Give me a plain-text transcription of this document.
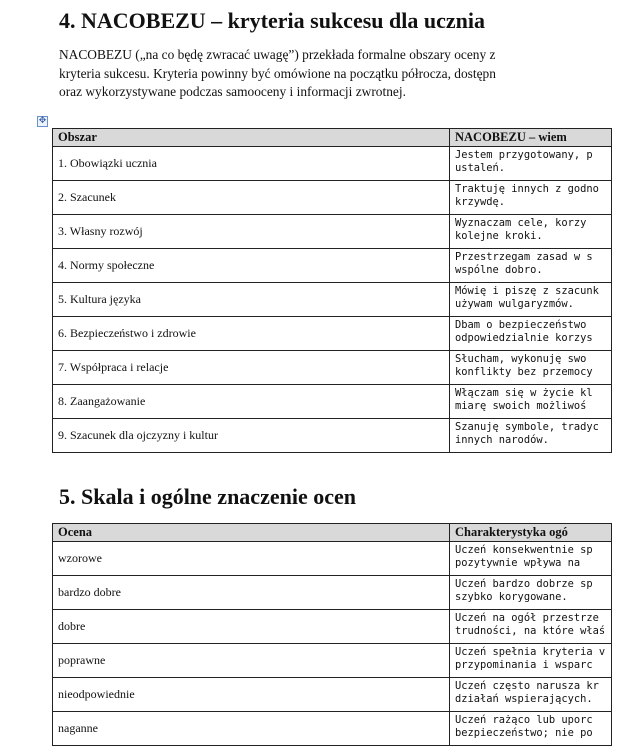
4. NACOBEZU – kryteria sukcesu dla ucznia

NACOBEZU („na co będę zwracać uwagę”) przekłada formalne obszary oceny z
kryteria sukcesu. Kryteria powinny być omówione na początku półrocza, dostępn
oraz wykorzystywane podczas samooceny i informacji zwrotnej.

✥
Obszar	NACOBEZU – wiem
1. Obowiązki ucznia	Jestem przygotowany, p
ustaleń.

2. Szacunek	Traktuję innych z godno
krzywdę.

3. Własny rozwój	Wyznaczam cele, korzy
kolejne kroki.

4. Normy społeczne	Przestrzegam zasad w s
wspólne dobro.

5. Kultura języka	Mówię i piszę z szacunk
używam wulgaryzmów.

6. Bezpieczeństwo i zdrowie	Dbam o bezpieczeństwo
odpowiedzialnie korzys

7. Współpraca i relacje	Słucham, wykonuję swo
konflikty bez przemocy

8. Zaangażowanie	Włączam się w życie kl
miarę swoich możliwoś

9. Szacunek dla ojczyzny i kultur	Szanuję symbole, tradyc
innych narodów.
5. Skala i ogólne znaczenie ocen
Ocena	Charakterystyka ogó
wzorowe	Uczeń konsekwentnie sp
pozytywnie wpływa na

bardzo dobre	Uczeń bardzo dobrze sp
szybko korygowane.

dobre	Uczeń na ogół przestrze
trudności, na które właś

poprawne	Uczeń spełnia kryteria v
przypominania i wsparc

nieodpowiednie	Uczeń często narusza kr
działań wspierających.

naganne	Uczeń rażąco lub uporc
bezpieczeństwo; nie po
